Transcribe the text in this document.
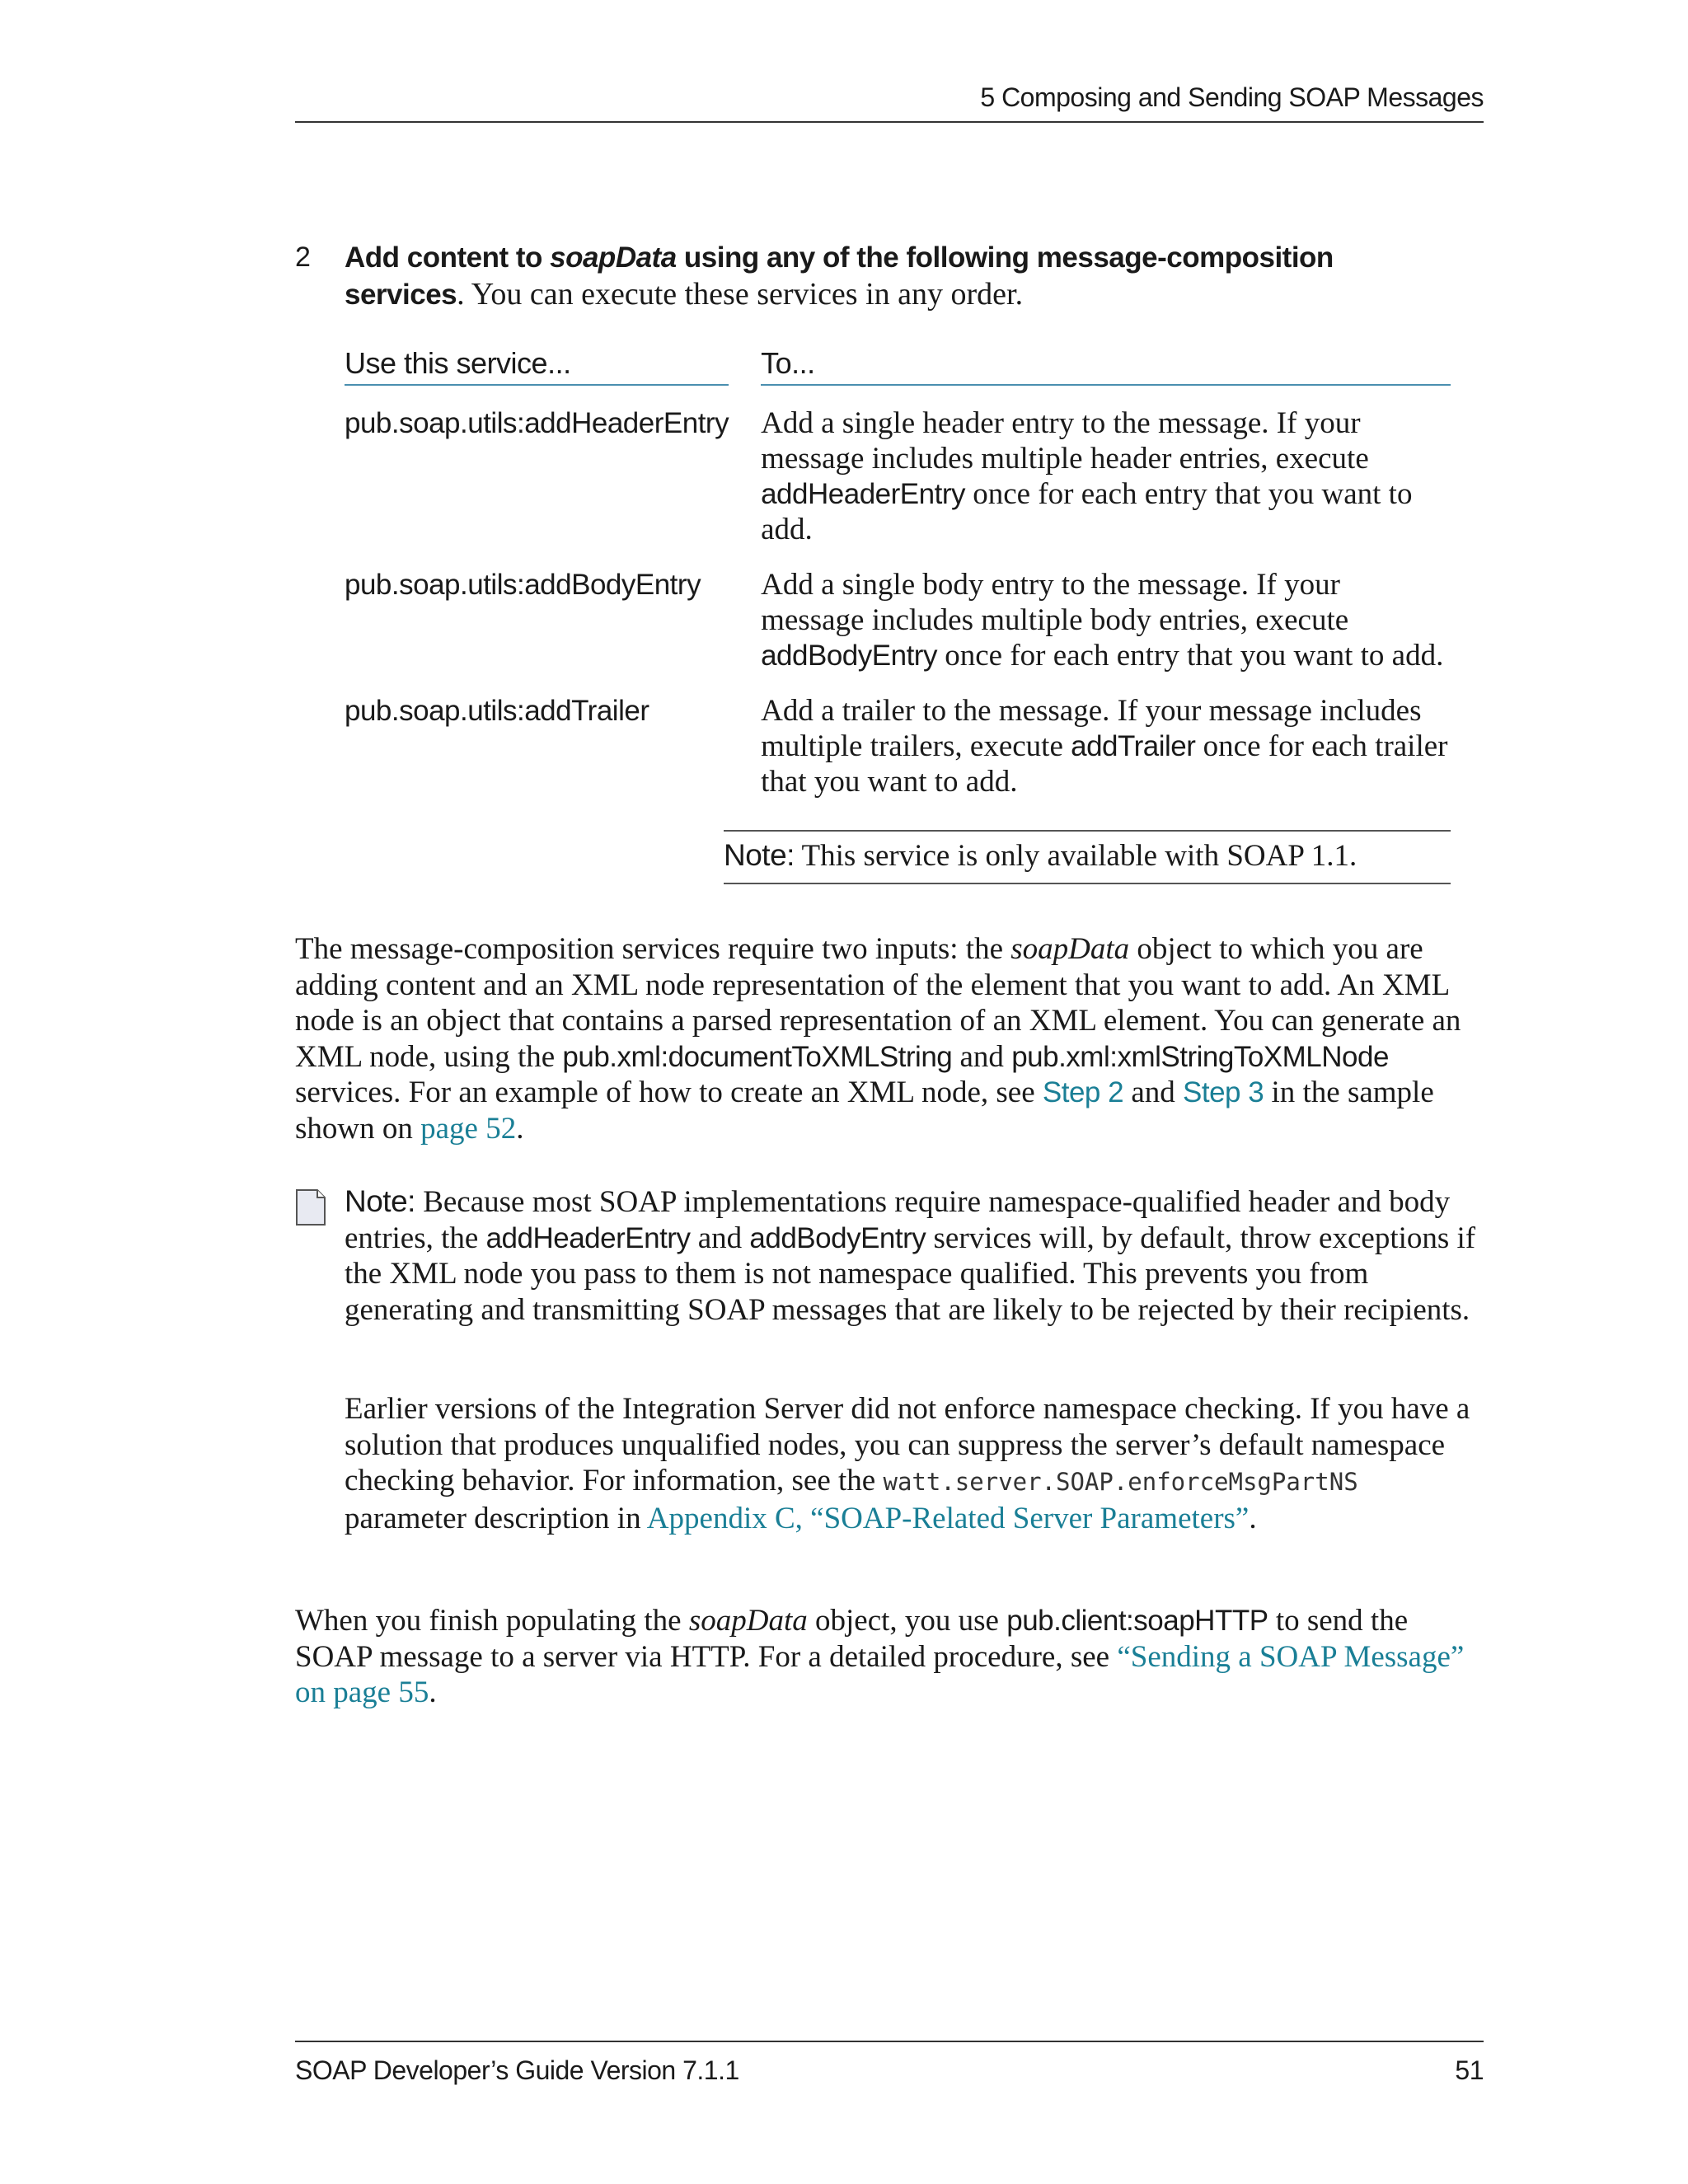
5 Composing and Sending SOAP Messages
2 Add content to soapData using any of the following message-composition services. You can execute these services in any order.
Use this service...		To...

pub.soap.utils:addHeaderEntry		Add a single header entry to the message. If your message includes multiple header entries, execute addHeaderEntry once for each entry that you want to add.

pub.soap.utils:addBodyEntry		Add a single body entry to the message. If your message includes multiple body entries, execute addBodyEntry once for each entry that you want to add.

pub.soap.utils:addTrailer		Add a trailer to the message. If your message includes multiple trailers, execute addTrailer once for each trailer that you want to add.
Note: This service is only available with SOAP 1.1.
The message-composition services require two inputs: the soapData object to which you are adding content and an XML node representation of the element that you want to add. An XML node is an object that contains a parsed representation of an XML element. You can generate an XML node, using the pub.xml:documentToXMLString and pub.xml:xmlStringToXMLNode services. For an example of how to create an XML node, see Step 2 and Step 3 in the sample shown on page 52.
Note: Because most SOAP implementations require namespace-qualified header and body entries, the addHeaderEntry and addBodyEntry services will, by default, throw exceptions if the XML node you pass to them is not namespace qualified. This prevents you from generating and transmitting SOAP messages that are likely to be rejected by their recipients.
Earlier versions of the Integration Server did not enforce namespace checking. If you have a solution that produces unqualified nodes, you can suppress the server’s default namespace checking behavior. For information, see the watt.server.SOAP.enforceMsgPartNS parameter description in Appendix C, “SOAP-Related Server Parameters”.
When you finish populating the soapData object, you use pub.client:soapHTTP to send the SOAP message to a server via HTTP. For a detailed procedure, see “Sending a SOAP Message” on page 55.
SOAP Developer’s Guide Version 7.1.1	51
